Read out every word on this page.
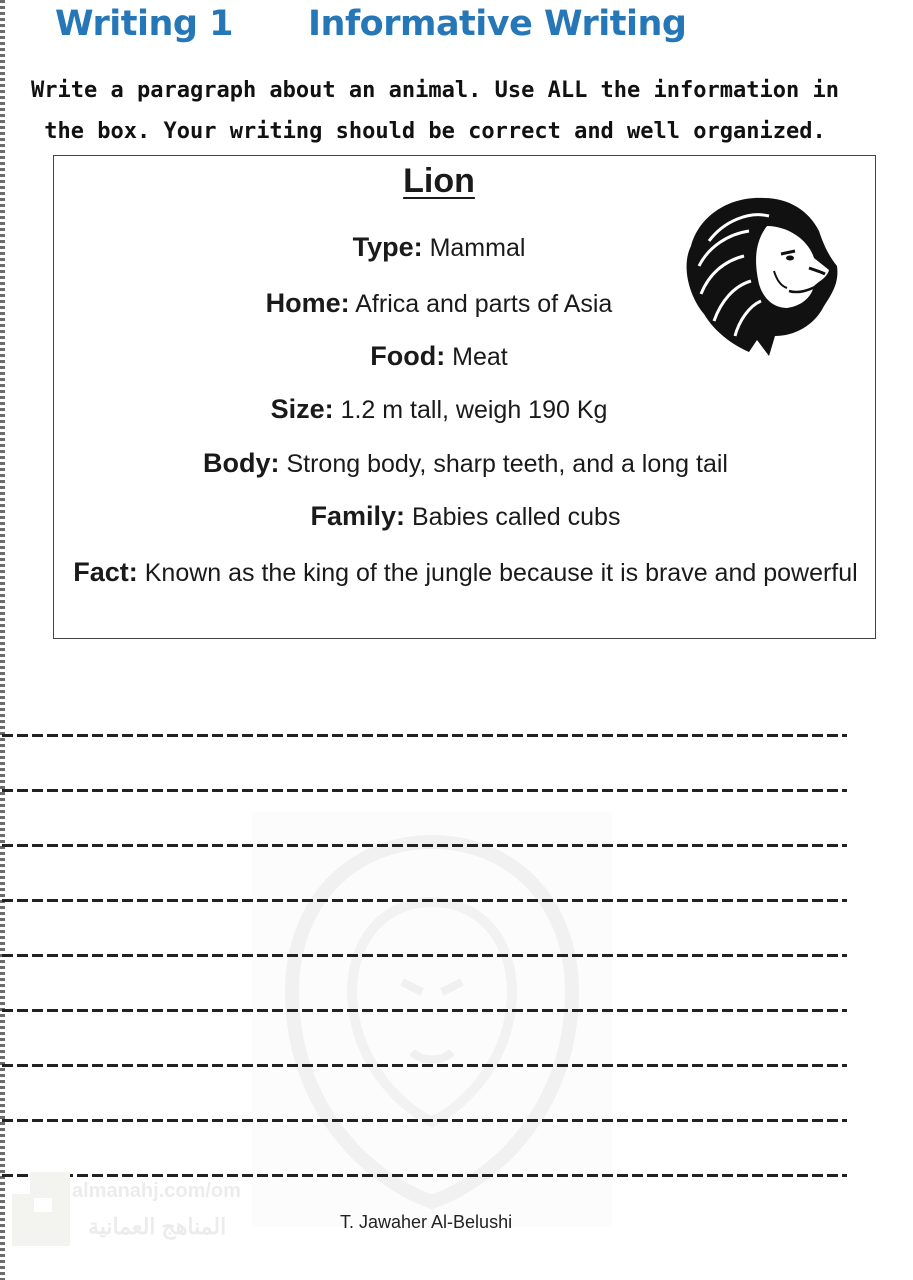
Writing 1 Informative Writing
Write a paragraph about an animal. Use ALL the information in
the box. Your writing should be correct and well organized.
Lion
Type: Mammal
Home: Africa and parts of Asia
Food: Meat
Size: 1.2 m tall, weigh 190 Kg
Body: Strong body, sharp teeth, and a long tail
Family: Babies called cubs
Fact: Known as the king of the jungle because it is brave and powerful
almanahj.com/om
المناهج العمانية	T. Jawaher Al-Belushi
